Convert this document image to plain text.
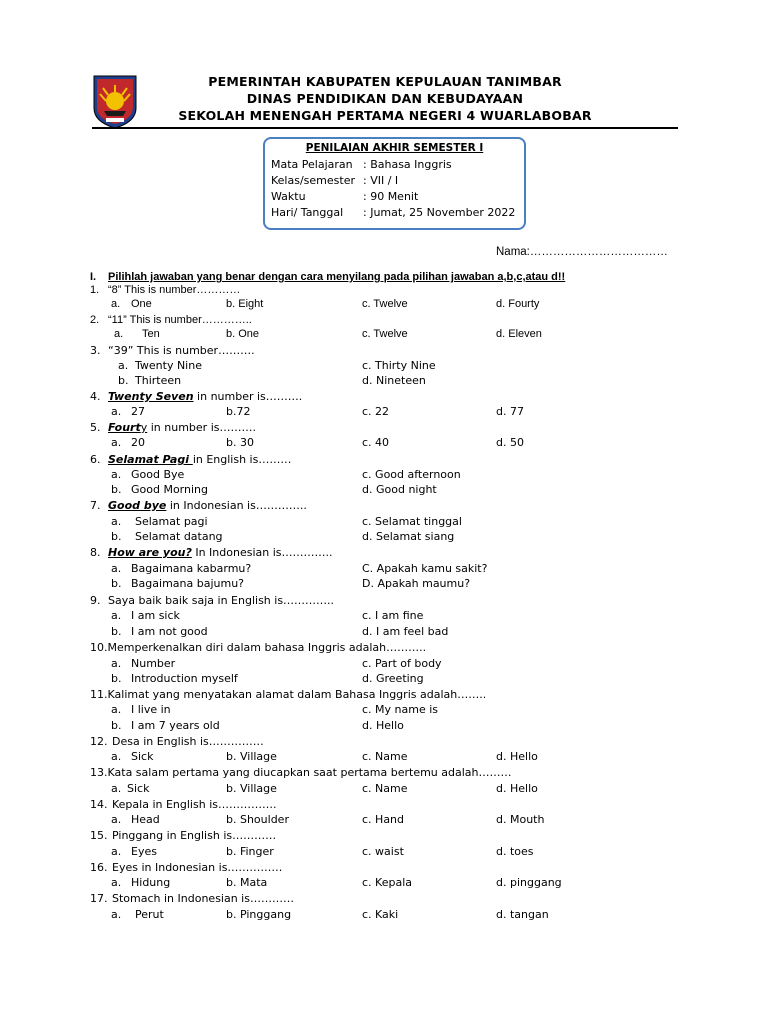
PEMERINTAH KABUPATEN KEPULAUAN TANIMBAR
DINAS PENDIDIKAN DAN KEBUDAYAAN
SEKOLAH MENENGAH PERTAMA NEGERI 4 WUARLABOBAR
PENILAIAN AKHIR SEMESTER I
Mata Pelajaran : Bahasa Inggris
Kelas/semester : VII / I
Waktu	: 90 Menit
Hari/ Tanggal : Jumat, 25 November 2022
Nama:………………………………
I. Pilihlah jawaban yang benar dengan cara menyilang pada pilihan jawaban a,b,c,atau d!!
1. “8” This is number…………
a. One	b. Eight	c. Twelve	d. Fourty
2. “11” This is number…………..
a. Ten	b. One	c. Twelve	d. Eleven
3. “39” This is number……….
a. Twenty Nine	c. Thirty Nine
b. Thirteen	d. Nineteen
4. Twenty Seven in number is……….
a. 27	b.72	c. 22	d. 77
5. Fourty in number is……….
a. 20	b. 30	c. 40	d. 50
6. Selamat Pagi in English is………
a. Good Bye	c. Good afternoon
b. Good Morning	d. Good night
7. Good bye in Indonesian is…………..
a. Selamat pagi	c. Selamat tinggal
b. Selamat datang	d. Selamat siang
8. How are you? In Indonesian is…………..
a. Bagaimana kabarmu?	C. Apakah kamu sakit?
b. Bagaimana bajumu?	D. Apakah maumu?
9. Saya baik baik saja in English is…………..
a. I am sick	c. I am fine
b. I am not good	d. I am feel bad
10.Memperkenalkan diri dalam bahasa Inggris adalah………..
a. Number	c. Part of body
b. Introduction myself	d. Greeting
11.Kalimat yang menyatakan alamat dalam Bahasa Inggris adalah……..
a. I live in	c. My name is
b. I am 7 years old	d. Hello
12. Desa in English is……………
a. Sick	b. Village	c. Name	d. Hello
13.Kata salam pertama yang diucapkan saat pertama bertemu adalah………
a. Sick	b. Village	c. Name	d. Hello
14. Kepala in English is…………….
a. Head	b. Shoulder	c. Hand	d. Mouth
15. Pinggang in English is…………
a. Eyes	b. Finger	c. waist	d. toes
16. Eyes in Indonesian is……………
a. Hidung	b. Mata	c. Kepala	d. pinggang
17. Stomach in Indonesian is…………
a. Perut	b. Pinggang	c. Kaki	d. tangan
